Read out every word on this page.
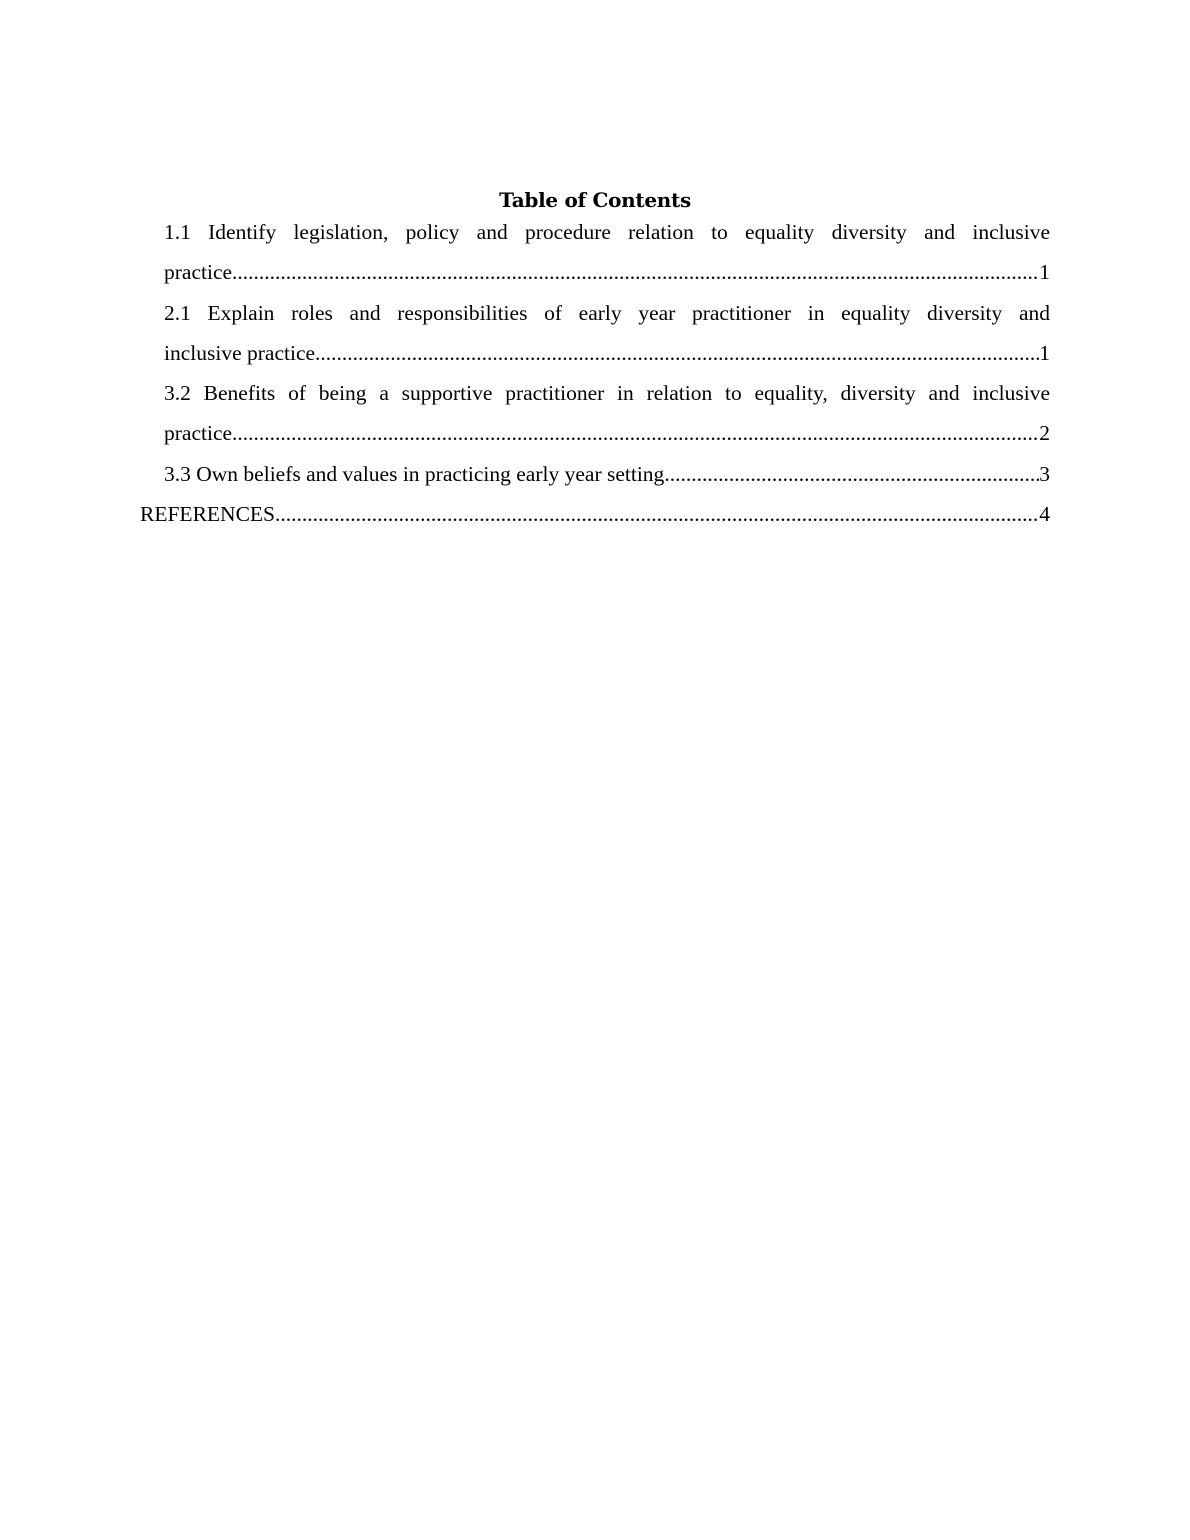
Table of Contents
1.1 Identify legislation, policy and procedure relation to equality diversity and inclusive
practice .....	1
2.1 Explain roles and responsibilities of early year practitioner in equality diversity and
inclusive practice .....	1
3.2 Benefits of being a supportive practitioner in relation to equality, diversity and inclusive
practice .....	2
3.3 Own beliefs and values in practicing early year setting .....	3
REFERENCES .....	4
